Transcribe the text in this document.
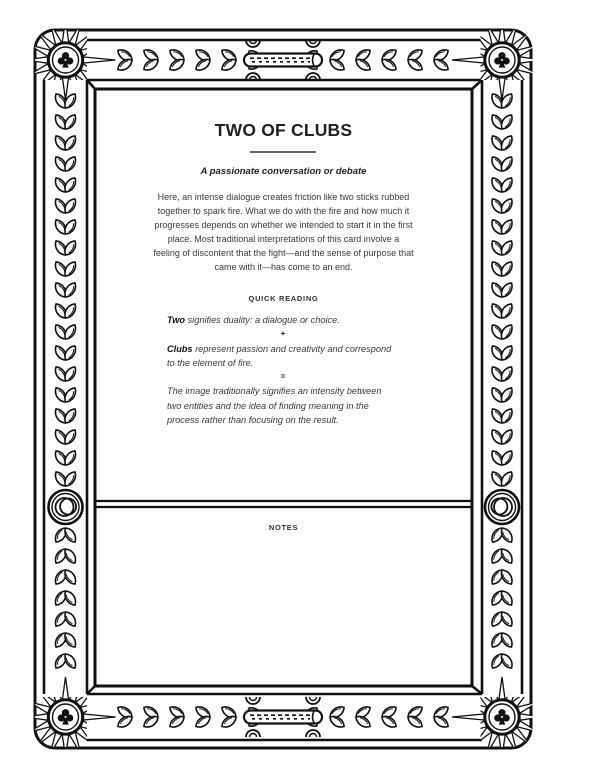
TWO OF CLUBS
A passionate conversation or debate
Here, an intense dialogue creates friction like two sticks rubbed
together to spark fire. What we do with the fire and how much it
progresses depends on whether we intended to start it in the first
place. Most traditional interpretations of this card involve a
feeling of discontent that the fight—and the sense of purpose that
came with it—has come to an end.
QUICK READING
Two signifies duality: a dialogue or choice.
+
Clubs represent passion and creativity and correspond
to the element of fire.
=
The image traditionally signifies an intensity between
two entities and the idea of finding meaning in the
process rather than focusing on the result.
NOTES
